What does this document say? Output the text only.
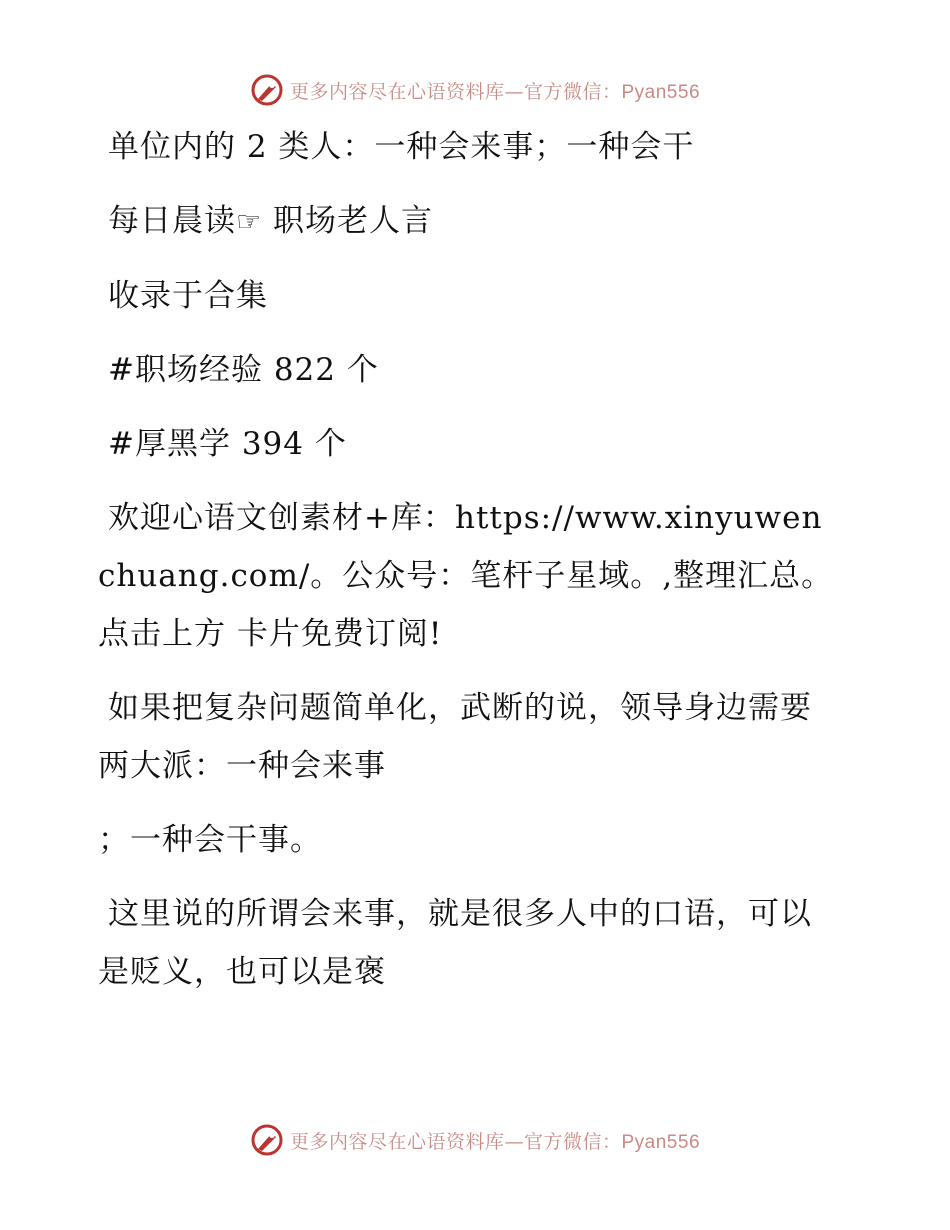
更多内容尽在心语资料库—官方微信：Pyan556

单位内的 2 类人：一种会来事；一种会干

每日晨读☞ 职场老人言

收录于合集

#职场经验 822 个

#厚黑学 394 个

欢迎心语文创素材+库：https://www.xinyuwenchuang.com/。公众号：笔杆子星域。,整理汇总。点击上方 卡片免费订阅!

如果把复杂问题简单化，武断的说，领导身边需要两大派：一种会来事

；一种会干事。

这里说的所谓会来事，就是很多人中的口语，可以是贬义，也可以是褒

更多内容尽在心语资料库—官方微信：Pyan556
